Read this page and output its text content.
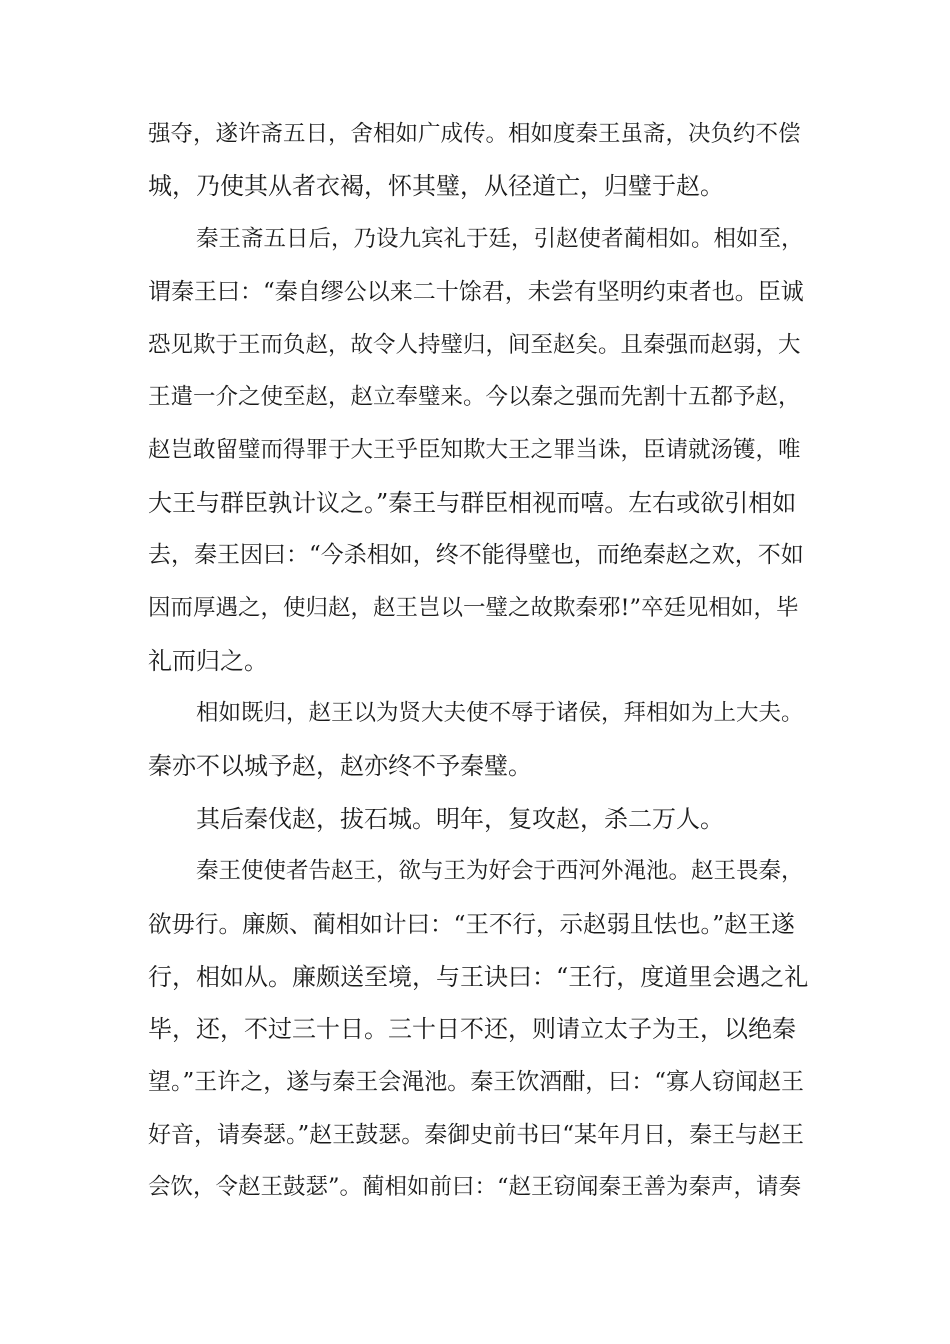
强夺，遂许斋五日，舍相如广成传。相如度秦王虽斋，决负约不偿
城，乃使其从者衣褐，怀其璧，从径道亡，归璧于赵。
秦王斋五日后，乃设九宾礼于廷，引赵使者蔺相如。相如至，
谓秦王曰：“秦自缪公以来二十馀君，未尝有坚明约束者也。臣诚
恐见欺于王而负赵，故令人持璧归，间至赵矣。且秦强而赵弱，大
王遣一介之使至赵，赵立奉璧来。今以秦之强而先割十五都予赵，
赵岂敢留璧而得罪于大王乎臣知欺大王之罪当诛，臣请就汤镬，唯
大王与群臣孰计议之。”秦王与群臣相视而嘻。左右或欲引相如
去，秦王因曰：“今杀相如，终不能得璧也，而绝秦赵之欢，不如
因而厚遇之，使归赵，赵王岂以一璧之故欺秦邪!”卒廷见相如，毕
礼而归之。
相如既归，赵王以为贤大夫使不辱于诸侯，拜相如为上大夫。
秦亦不以城予赵，赵亦终不予秦璧。
其后秦伐赵，拔石城。明年，复攻赵，杀二万人。
秦王使使者告赵王，欲与王为好会于西河外渑池。赵王畏秦，
欲毋行。廉颇、蔺相如计曰：“王不行，示赵弱且怯也。”赵王遂
行，相如从。廉颇送至境，与王诀曰：“王行，度道里会遇之礼
毕，还，不过三十日。三十日不还，则请立太子为王，以绝秦
望。”王许之，遂与秦王会渑池。秦王饮酒酣，曰：“寡人窃闻赵王
好音，请奏瑟。”赵王鼓瑟。秦御史前书曰“某年月日，秦王与赵王
会饮，令赵王鼓瑟”。蔺相如前曰：“赵王窃闻秦王善为秦声，请奏
